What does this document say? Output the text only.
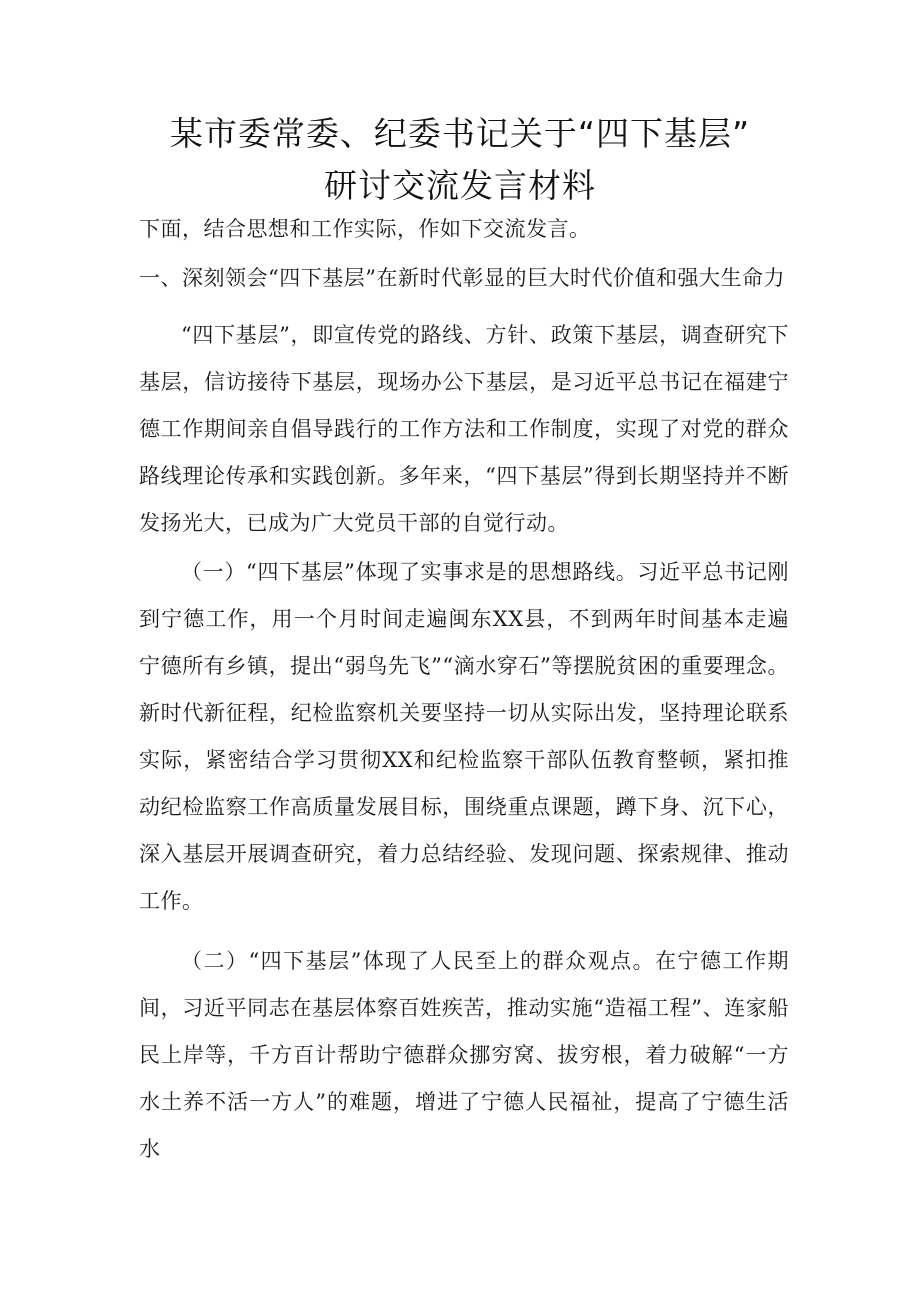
某市委常委、纪委书记关于“四下基层”
研讨交流发言材料

下面，结合思想和工作实际，作如下交流发言。

一、深刻领会“四下基层”在新时代彰显的巨大时代价值和强大生命力

“四下基层”，即宣传党的路线、方针、政策下基层，调查研究下基层，信访接待下基层，现场办公下基层，是习近平总书记在福建宁德工作期间亲自倡导践行的工作方法和工作制度，实现了对党的群众路线理论传承和实践创新。多年来，“四下基层”得到长期坚持并不断发扬光大，已成为广大党员干部的自觉行动。

（一）“四下基层”体现了实事求是的思想路线。习近平总书记刚到宁德工作，用一个月时间走遍闽东XX县，不到两年时间基本走遍宁德所有乡镇，提出“弱鸟先飞”“滴水穿石”等摆脱贫困的重要理念。新时代新征程，纪检监察机关要坚持一切从实际出发，坚持理论联系实际，紧密结合学习贯彻XX和纪检监察干部队伍教育整顿，紧扣推动纪检监察工作高质量发展目标，围绕重点课题，蹲下身、沉下心，深入基层开展调查研究，着力总结经验、发现问题、探索规律、推动工作。

（二）“四下基层”体现了人民至上的群众观点。在宁德工作期间，习近平同志在基层体察百姓疾苦，推动实施“造福工程”、连家船民上岸等，千方百计帮助宁德群众挪穷窝、拔穷根，着力破解“一方水土养不活一方人”的难题，增进了宁德人民福祉，提高了宁德生活水
